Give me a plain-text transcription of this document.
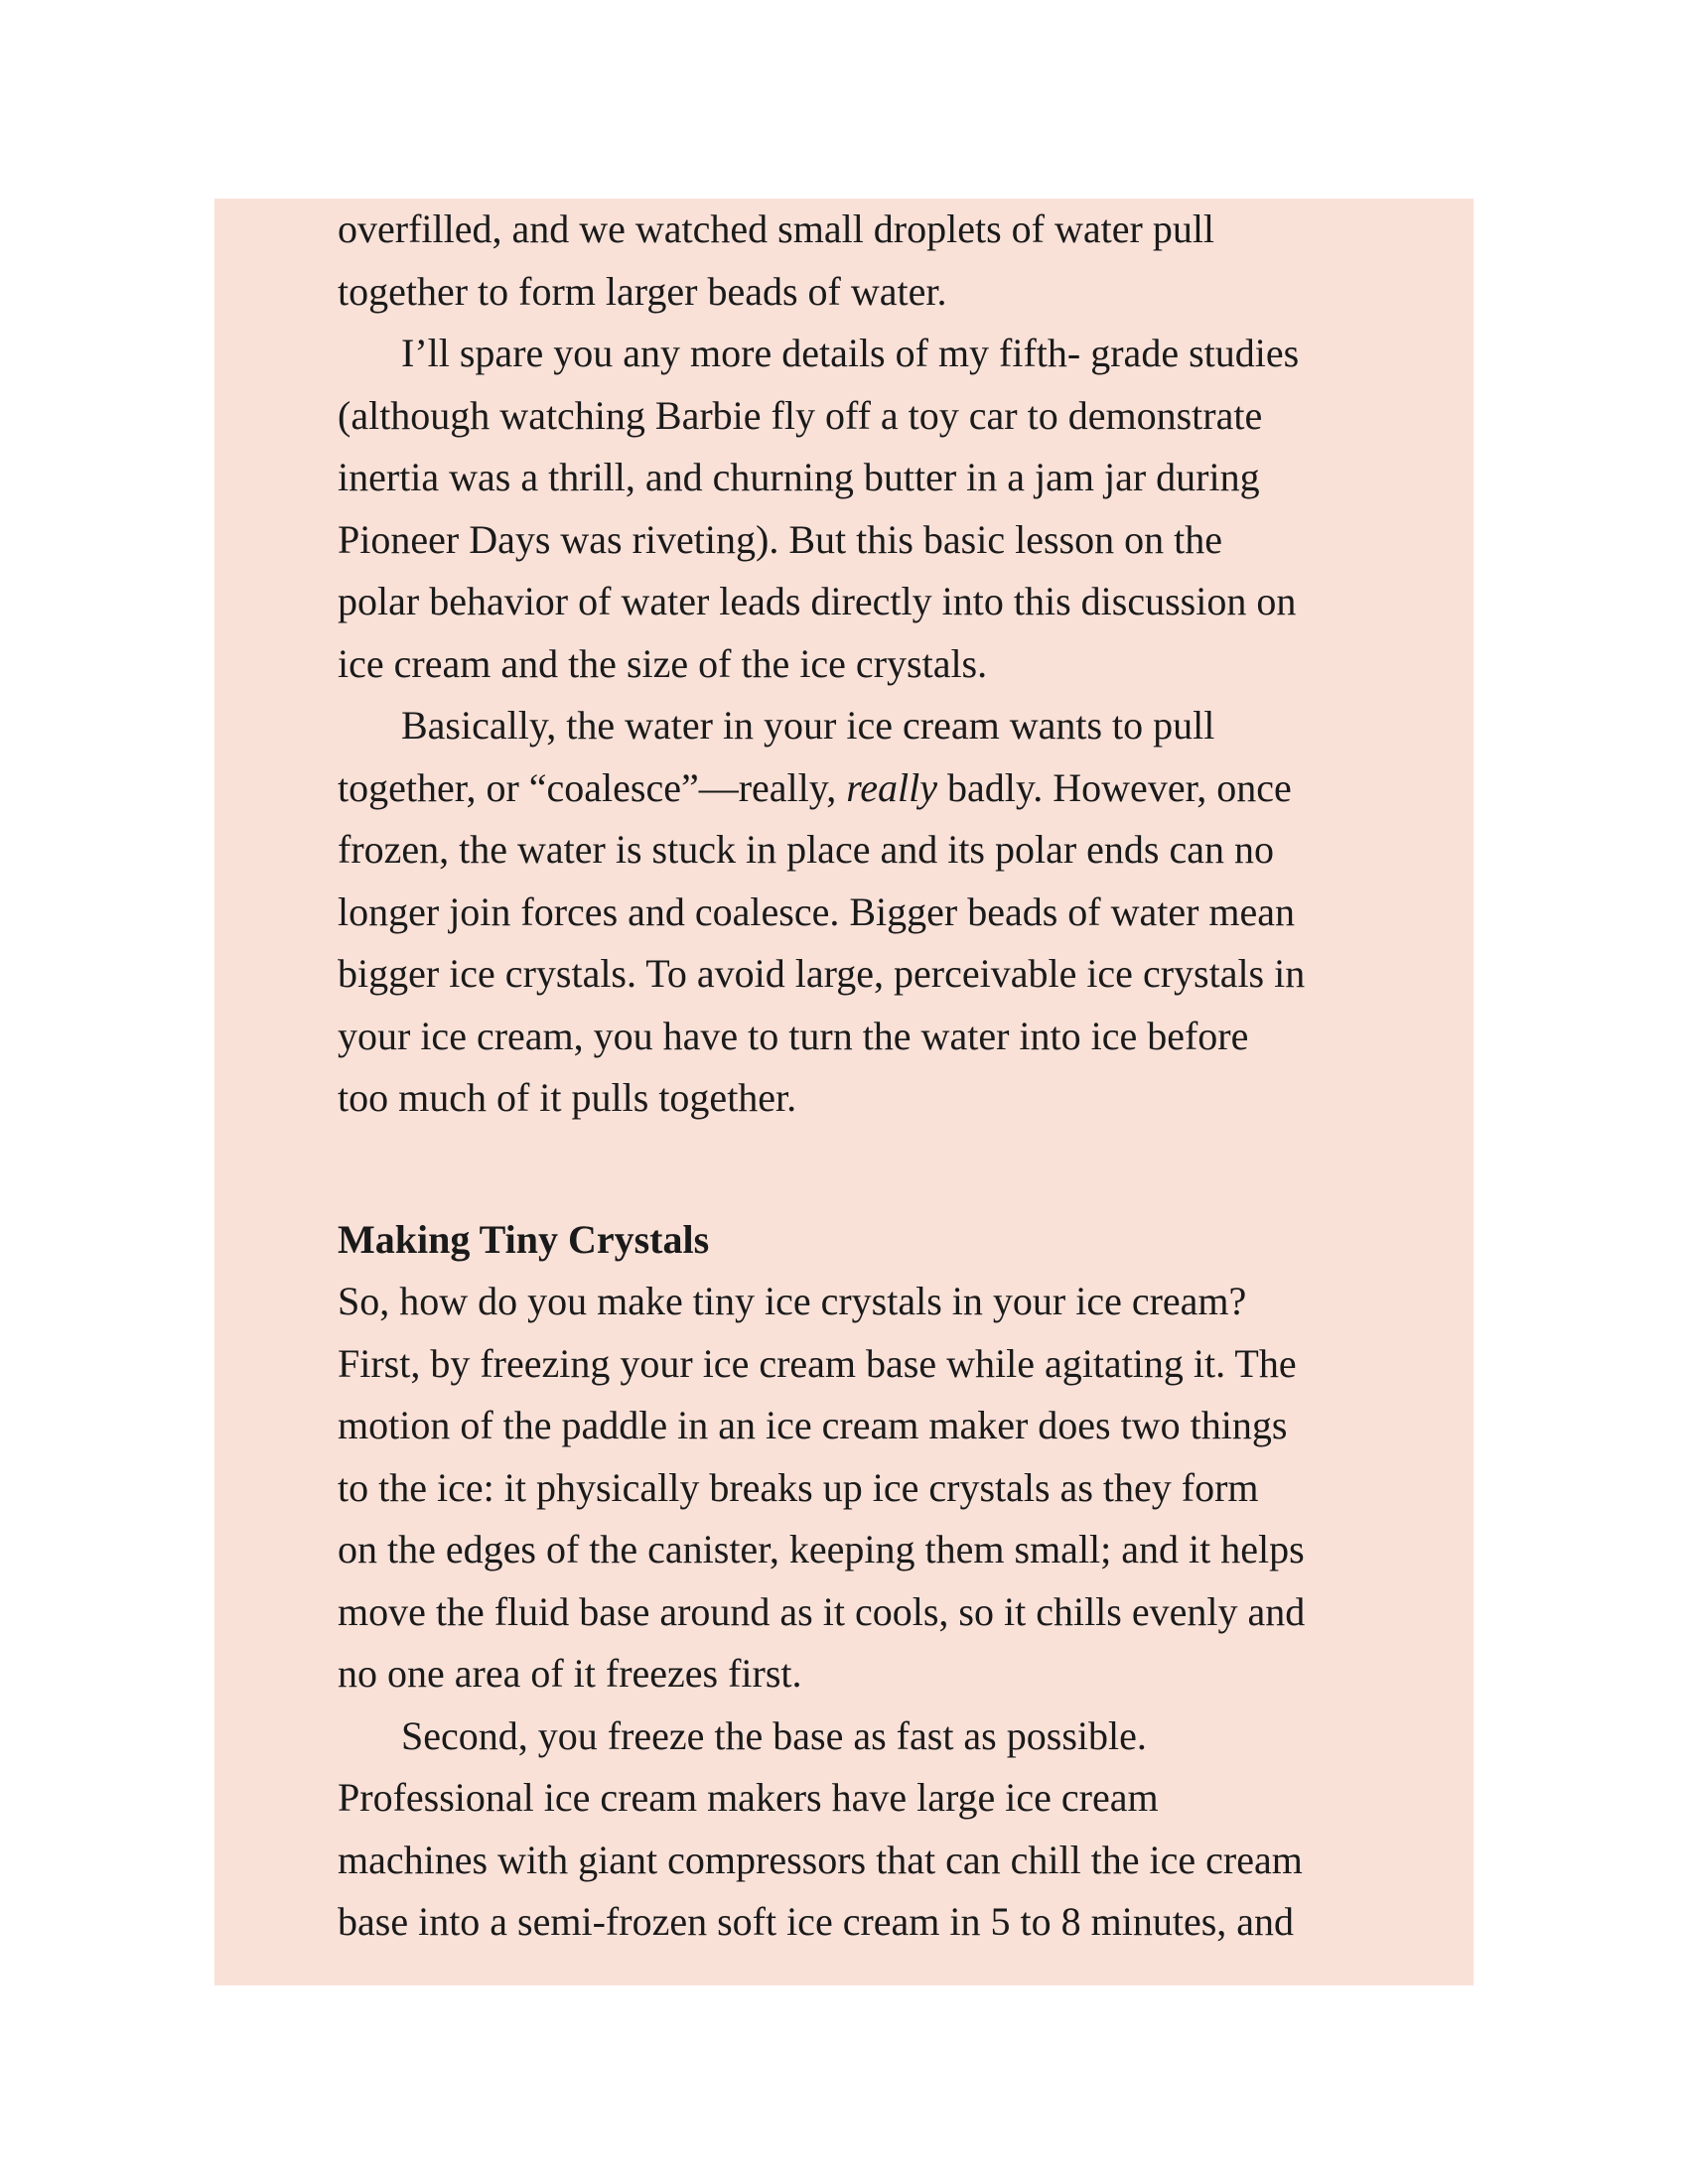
overfilled, and we watched small droplets of water pull
together to form larger beads of water.

I’ll spare you any more details of my fifth- grade studies
(although watching Barbie fly off a toy car to demonstrate
inertia was a thrill, and churning butter in a jam jar during
Pioneer Days was riveting). But this basic lesson on the
polar behavior of water leads directly into this discussion on
ice cream and the size of the ice crystals.

Basically, the water in your ice cream wants to pull
together, or “coalesce”—really, really badly. However, once
frozen, the water is stuck in place and its polar ends can no
longer join forces and coalesce. Bigger beads of water mean
bigger ice crystals. To avoid large, perceivable ice crystals in
your ice cream, you have to turn the water into ice before
too much of it pulls together.

Making Tiny Crystals

So, how do you make tiny ice crystals in your ice cream?
First, by freezing your ice cream base while agitating it. The
motion of the paddle in an ice cream maker does two things
to the ice: it physically breaks up ice crystals as they form
on the edges of the canister, keeping them small; and it helps
move the fluid base around as it cools, so it chills evenly and
no one area of it freezes first.

Second, you freeze the base as fast as possible.
Professional ice cream makers have large ice cream
machines with giant compressors that can chill the ice cream
base into a semi-frozen soft ice cream in 5 to 8 minutes, and
